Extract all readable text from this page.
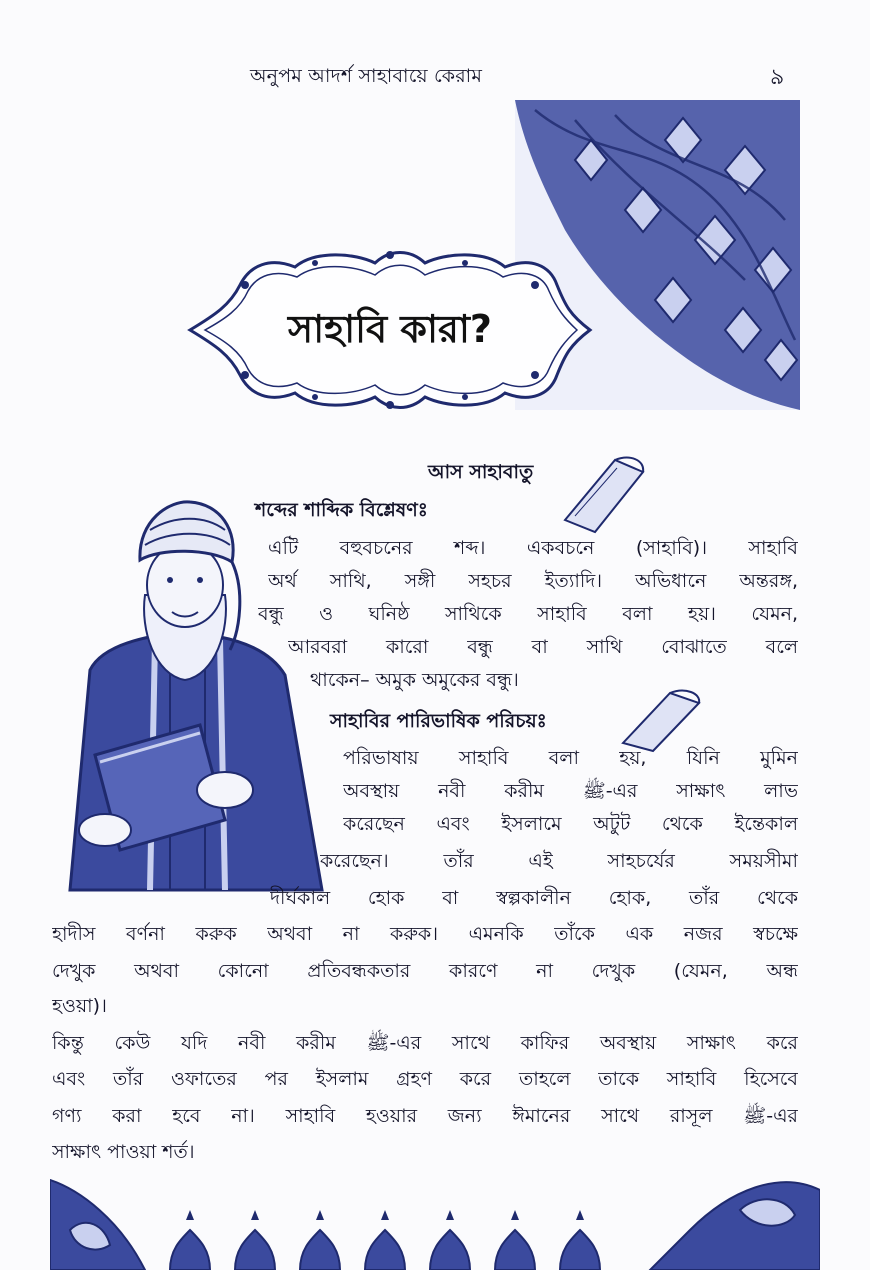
অনুপম আদর্শ সাহাবায়ে কেরাম	৯
সাহাবি কারা?
আস সাহাবাতু
শব্দের শাব্দিক বিশ্লেষণঃ
এটি বহুবচনের শব্দ। একবচনে (সাহাবি)। সাহাবি
অর্থ সাথি, সঙ্গী সহচর ইত্যাদি। অভিধানে অন্তরঙ্গ,
বন্ধু ও ঘনিষ্ঠ সাথিকে সাহাবি বলা হয়। যেমন,
আরবরা কারো বন্ধু বা সাথি বোঝাতে বলে
থাকেন– অমুক অমুকের বন্ধু।
সাহাবির পারিভাষিক পরিচয়ঃ
পরিভাষায় সাহাবি বলা হয়, যিনি মুমিন
অবস্থায় নবী করীম ﷺ-এর সাক্ষাৎ লাভ
করেছেন এবং ইসলামে অটুট থেকে ইন্তেকাল
করেছেন। তাঁর এই সাহচর্যের সময়সীমা
দীর্ঘকাল হোক বা স্বল্পকালীন হোক, তাঁর থেকে
হাদীস বর্ণনা করুক অথবা না করুক। এমনকি তাঁকে এক নজর স্বচক্ষে
দেখুক অথবা কোনো প্রতিবন্ধকতার কারণে না দেখুক (যেমন, অন্ধ
হওয়া)।
কিন্তু কেউ যদি নবী করীম ﷺ-এর সাথে কাফির অবস্থায় সাক্ষাৎ করে
এবং তাঁর ওফাতের পর ইসলাম গ্রহণ করে তাহলে তাকে সাহাবি হিসেবে
গণ্য করা হবে না। সাহাবি হওয়ার জন্য ঈমানের সাথে রাসূল ﷺ-এর
সাক্ষাৎ পাওয়া শর্ত।
